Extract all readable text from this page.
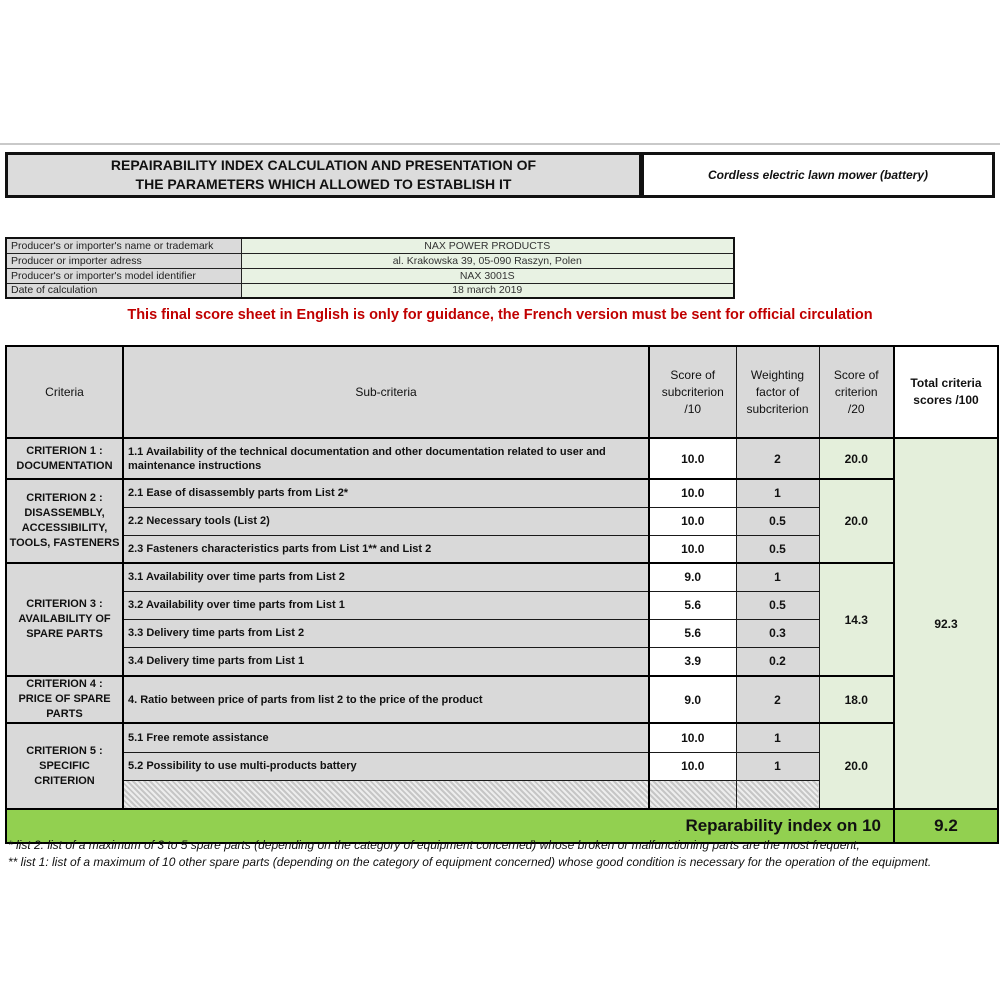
REPAIRABILITY INDEX CALCULATION AND PRESENTATION OF
THE PARAMETERS WHICH ALLOWED TO ESTABLISH IT
Cordless electric lawn mower (battery)
Producer's or importer's name or trademark	NAX POWER PRODUCTS
Producer or importer adress	al. Krakowska 39, 05-090 Raszyn, Polen
Producer's or importer's model identifier	NAX 3001S
Date of calculation	18 march 2019
This final score sheet in English is only for guidance, the French version must be sent for official circulation
Criteria	Sub-criteria	Score of subcriterion /10	Weighting factor of subcriterion	Score of criterion /20	Total criteria scores /100
CRITERION 1 : DOCUMENTATION	1.1 Availability of the technical documentation and other documentation related to user and maintenance instructions	10.0	2	20.0	92.3
CRITERION 2 : DISASSEMBLY, ACCESSIBILITY, TOOLS, FASTENERS	2.1 Ease of disassembly parts from List 2*	10.0	1	20.0	
	2.2 Necessary tools (List 2)	10.0	0.5		
	2.3 Fasteners characteristics parts from List 1** and List 2	10.0	0.5		
CRITERION 3 : AVAILABILITY OF SPARE PARTS	3.1 Availability over time parts from List 2	9.0	1	14.3	
	3.2 Availability over time parts from List 1	5.6	0.5		
	3.3 Delivery time parts from List 2	5.6	0.3		
	3.4 Delivery time parts from List 1	3.9	0.2		
CRITERION 4 : PRICE OF SPARE PARTS	4. Ratio between price of parts from list 2 to the price of the product	9.0	2	18.0	
CRITERION 5 : SPECIFIC CRITERION	5.1 Free remote assistance	10.0	1	20.0	
	5.2 Possibility to use multi-products battery	10.0	1		

Reparability index on 10					9.2
* list 2: list of a maximum of 3 to 5 spare parts (depending on the category of equipment concerned) whose broken or malfunctioning parts are the most frequent;
** list 1: list of a maximum of 10 other spare parts (depending on the category of equipment concerned) whose good condition is necessary for the operation of the equipment.
